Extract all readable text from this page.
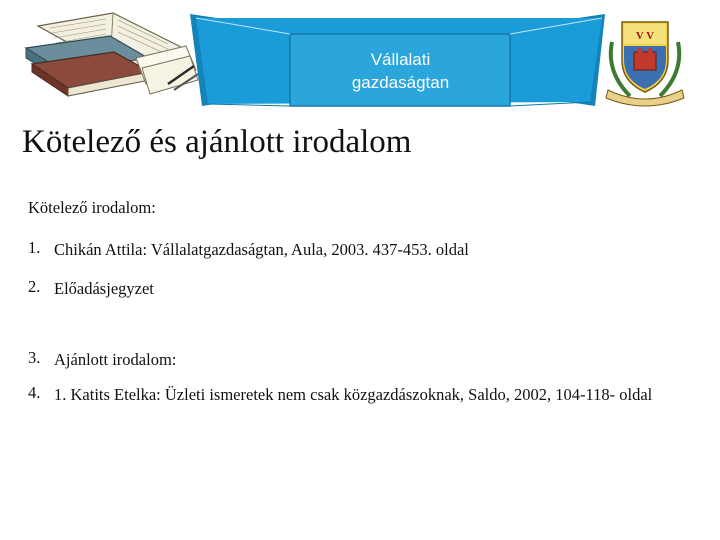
Vállalati
gazdaságtan
V V
Kötelező és ajánlott irodalom
Kötelező irodalom:
1. Chikán Attila: Vállalatgazdaságtan, Aula, 2003. 437-453. oldal
2. Előadásjegyzet
3. Ajánlott irodalom:
4. 1. Katits Etelka: Üzleti ismeretek nem csak közgazdászoknak, Saldo, 2002, 104-118- oldal
